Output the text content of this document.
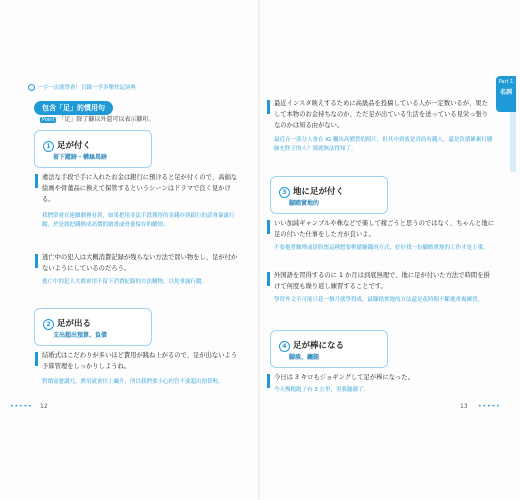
一字一次就學會！目錄一学多樂快記詞典
包含「足」的慣用句
Point 「足」除了腳以外還可以表示腳印。
1 足が付く
留下蹤跡・構絲馬跡
違法な手段で手に入れたお金は銀行に預けると足が付くので、高価な絵画や骨董品に換えて保管するというシーンはドラマで良く見かける。
我們常會在連續劇裡看到，如果把用非法手段獲得的金錢存到銀行的話會暴露行蹤，於是就把錢換成高價的繪畫或骨董保存的劇情。
逃亡中の犯人は大概消費記録が残らない方法で買い物をし、足が付かないようにしているのだろう。
逃亡中的犯人大都會用不留下消費紀錄的方法購物，以免事露行蹤。
2 足が出る
支出超出預算、負債
結婚式はこだわりが多いほど費用が跳ね上がるので、足が出ないよう予算管理をしっかりしようね。
對婚宴愈講究，費用就會往上飆升，所以我們要小心控管不要超出預算喔。
••••• 12
最近インスタ映えするために高級品を投稿している人が一定数いるが、果たして本物のお金持ちなのか、ただ足が出ている生活を送っている見栄っ張りなのかは知る由がない。
最近在一部分人會在 IG 曬出高價貨的照片，但其中到底是真的有錢人，還是負債累累打腫臉充胖子的人？那就無法得知了。
3 地に足が付く
腳踏實地的
いい加減ギャンブルや株などで楽して稼ごうと思うのではなく、ちゃんと地に足の付いた仕事をした方が良いよ。
不要抱著賺博或買股票這種想要輕鬆賺錢的方式，好好找一份腳踏實地的工作才是上策。
外国語を習得するのに 1 か月は到底無理で、地に足が付いた方法で時間を掛けて何度も繰り返し練習することです。
學習外文不可能只花一個月就學得成，最腳踏實地的方法還是花時間不斷地重複練習。
4 足が棒になる
腳痠、纏腿
今日は 3 キロもジョギングして足が棒になった。
今天慢跑跑了有 3 公里，害我腿疆了。
13 •••••
Part 1
名詞
